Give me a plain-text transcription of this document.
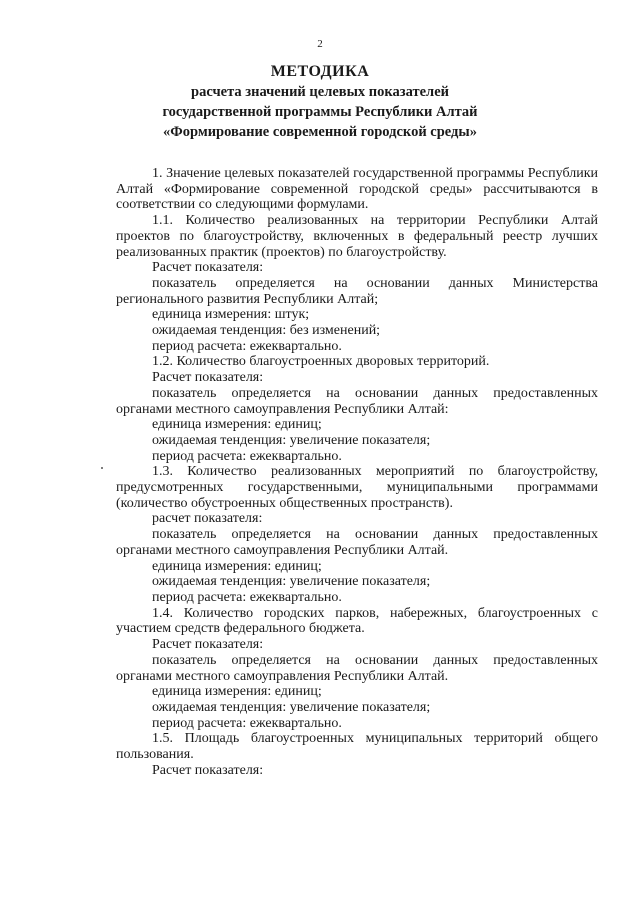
2
МЕТОДИКА
расчета значений целевых показателей
государственной программы Республики Алтай
«Формирование современной городской среды»

1. Значение целевых показателей государственной программы Республики Алтай «Формирование современной городской среды» рассчитываются в соответствии со следующими формулами.

1.1. Количество реализованных на территории Республики Алтай проектов по благоустройству, включенных в федеральный реестр лучших реализованных практик (проектов) по благоустройству.

Расчет показателя:

показатель определяется на основании данных Министерства регионального развития Республики Алтай;

единица измерения: штук;

ожидаемая тенденция: без изменений;

период расчета: ежеквартально.

1.2. Количество благоустроенных дворовых территорий.

Расчет показателя:

показатель определяется на основании данных предоставленных органами местного самоуправления Республики Алтай:

единица измерения: единиц;

ожидаемая тенденция: увеличение показателя;

период расчета: ежеквартально.

1.3. Количество реализованных мероприятий по благоустройству, предусмотренных государственными, муниципальными программами (количество обустроенных общественных пространств).

расчет показателя:

показатель определяется на основании данных предоставленных органами местного самоуправления Республики Алтай.

единица измерения: единиц;

ожидаемая тенденция: увеличение показателя;

период расчета: ежеквартально.

1.4. Количество городских парков, набережных, благоустроенных с участием средств федерального бюджета.

Расчет показателя:

показатель определяется на основании данных предоставленных органами местного самоуправления Республики Алтай.

единица измерения: единиц;

ожидаемая тенденция: увеличение показателя;

период расчета: ежеквартально.

1.5. Площадь благоустроенных муниципальных территорий общего пользования.

Расчет показателя:
